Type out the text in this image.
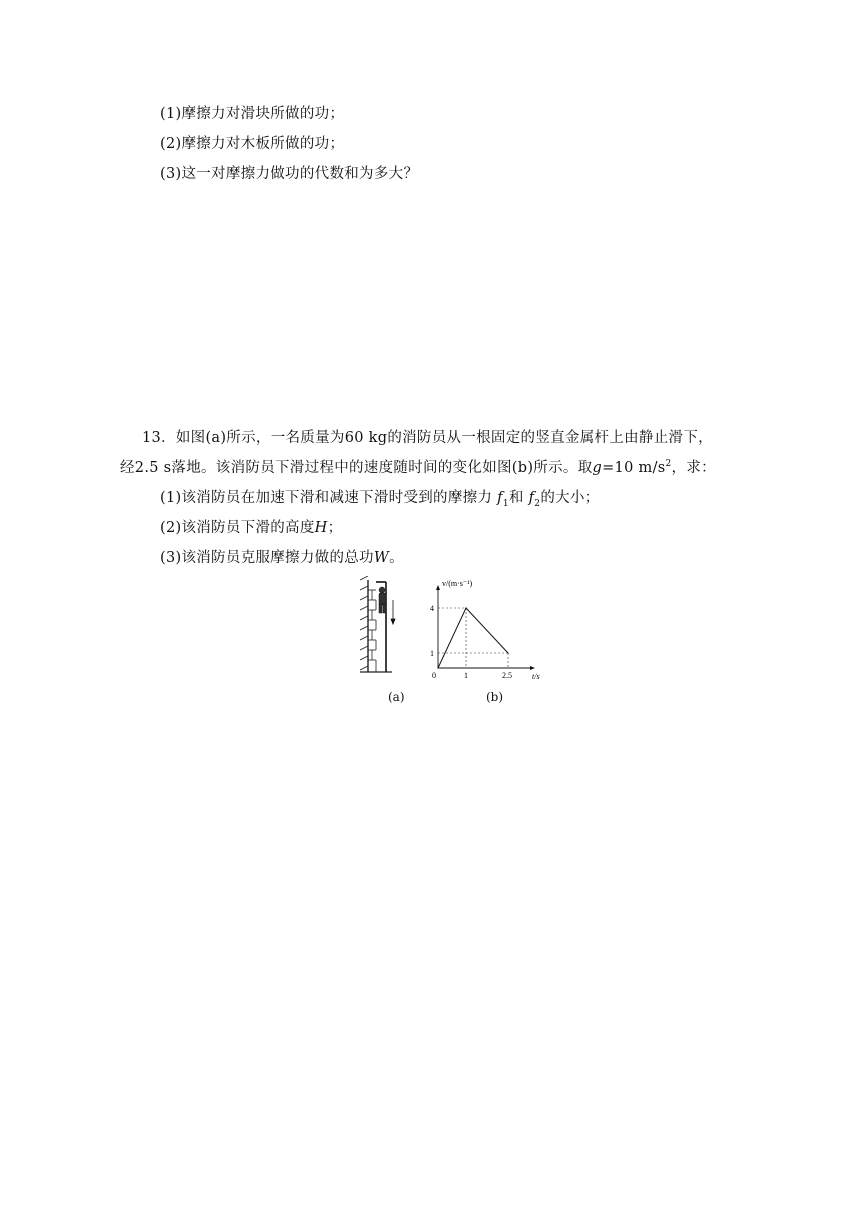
(1)摩擦力对滑块所做的功；
(2)摩擦力对木板所做的功；
(3)这一对摩擦力做功的代数和为多大？
13．如图(a)所示，一名质量为60 kg的消防员从一根固定的竖直金属杆上由静止滑下，
经2.5 s落地。该消防员下滑过程中的速度随时间的变化如图(b)所示。取g=10 $m/s^2$，求：
(1)该消防员在加速下滑和减速下滑时受到的摩擦力 $f_1$和 $f_2$的大小；
(2)该消防员下滑的高度H；
(3)该消防员克服摩擦力做的总功W。
0	1	2.5
1
4
v/(m·s⁻¹)
t/s
(a)	(b)
